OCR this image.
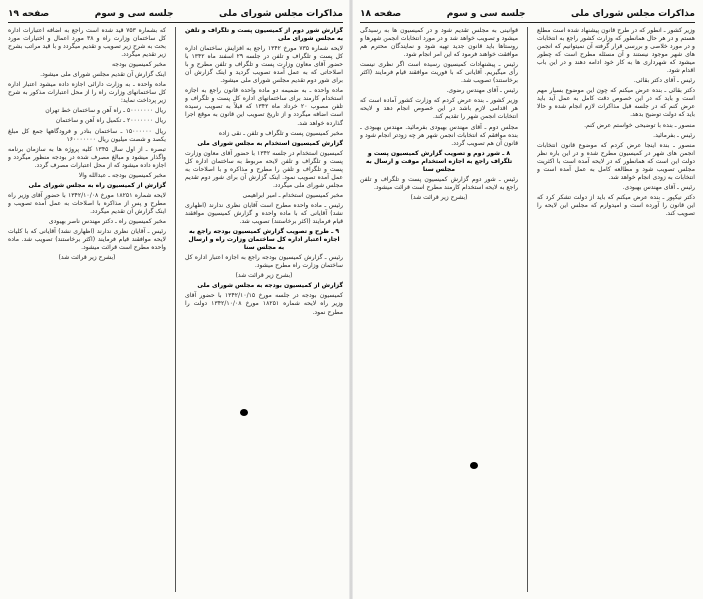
مذاکرات مجلس شورای ملی
جلسه سی و سوم
صفحه ۱۹

گزارش شور دوم از کمیسیون پست و تلگراف و تلفن به مجلس شورای ملی

لایحه شماره ۷۳۵ مورخ ۱۳۴۲ راجع به افزایش ساختمان اداره کل پست و تلگراف و تلفن در جلسه ۲۹ اسفند ماه ۱۳۴۲ با حضور آقای معاون وزارت پست و تلگراف و تلفن مطرح و با اصلاحاتی که به عمل آمده تصویب گردید و اینک گزارش آن برای شور دوم تقدیم مجلس شورای ملی میشود.

ماده واحده ـ به ضمیمه دو ماده واحده قانون راجع به اجازه استخدام کارمند برای ساختمانهای اداره کل پست و تلگراف و تلفن مصوب ۲۰ خرداد ماه ۱۳۴۲ که قبلاً به تصویب رسیده است اضافه میگردد و از تاریخ تصویب این قانون به موقع اجرا گذارده خواهد شد.

مخبر کمیسیون پست و تلگراف و تلفن ـ نقی زاده

گزارش کمیسیون استخدام به مجلس شورای ملی

کمیسیون استخدام در جلسه ۱۳۴۲ با حضور آقای معاون وزارت پست و تلگراف و تلفن لایحه مربوط به ساختمان اداره کل پست و تلگراف و تلفن را مطرح و مذاکره و با اصلاحات به عمل آمده تصویب نمود. اینک گزارش آن برای شور دوم تقدیم مجلس شورای ملی میگردد.

مخبر کمیسیون استخدام ـ امیر ابراهیمی

رئیس ـ ماده واحده مطرح است آقایان نظری ندارند (اظهاری نشد) آقایانی که با ماده واحده و گزارش کمیسیون موافقند قیام فرمایند (اکثر برخاستند) تصویب شد.

۹ ـ طرح و تصویب گزارش کمیسیون بودجه راجع به اجازه اعتبار اداره کل ساختمان وزارت راه و ارسال به مجلس سنا

رئیس ـ گزارش کمیسیون بودجه راجع به اجازه اعتبار اداره کل ساختمان وزارت راه مطرح میشود.

(بشرح زیر قرائت شد)

گزارش از کمیسیون بودجه به مجلس شورای ملی

کمیسیون بودجه در جلسه مورخ ۱۳۴۲/۱۰/۱۵ با حضور آقای وزیر راه لایحه شماره ۱۸۲۵۱ مورخ ۱۳۴۲/۱۰/۰۸ دولت را مطرح نمود.

که بشماره ۷۵۳ قید شده است راجع به اضافه اعتبارات اداره کل ساختمان وزارت راه و ۳۸ مورد اعمال و اختیارات مورد بحث به شرح زیر تصویب و تقدیم میگردد و با قید مراتب بشرح زیر تقدیم میگردد.

مخبر کمیسیون بودجه

اینک گزارش آن تقدیم مجلس شورای ملی میشود.

ماده واحده ـ به وزارت دارائی اجازه داده میشود اعتبار اداره کل ساختمانهای وزارت راه را از محل اعتبارات مذکور به شرح زیر پرداخت نماید:

ریال ۵۰۰۰۰۰۰۰ ـ راه آهن و ساختمان خط تهران

ریال ۲۰۰۰۰۰۰۰ ـ تکمیل راه آهن و ساختمان

ریال ۱۵۰۰۰۰۰۰ ـ ساختمان بنادر و فرودگاهها جمع کل مبلغ یکصد و شصت میلیون ریال ۱۶۰۰۰۰۰۰۰

تبصره ـ از اول سال ۱۳۴۵ کلیه پروژه ها به سازمان برنامه واگذار میشود و مبالغ مصرف شده در بودجه منظور میگردد و اجازه داده میشود که از محل اعتبارات مصرف گردد.

مخبر کمیسیون بودجه ـ عبدالله والا

گزارش از کمیسیون راه به مجلس شورای ملی

لایحه شماره ۱۸۲۵۱ مورخ ۱۳۴۲/۱۰/۰۸ با حضور آقای وزیر راه مطرح و پس از مذاکره با اصلاحات به عمل آمده تصویب و اینک گزارش آن تقدیم میگردد.

مخبر کمیسیون راه ـ دکتر مهندس ناصر بهبودی

رئیس ـ آقایان نظری ندارند (اظهاری نشد) آقایانی که با کلیات لایحه موافقند قیام فرمایند (اکثر برخاستند) تصویب شد. ماده واحده مطرح است قرائت میشود.

(بشرح زیر قرائت شد)

مذاکرات مجلس شورای ملی
جلسه سی و سوم
صفحه ۱۸

وزیر کشور ـ آنطور که در طرح قانون پیشنهاد شده است مطلع هستم و در هر حال همانطور که وزارت کشور راجع به انتخابات و در مورد خلاصی و بررسی قرار گرفته آن نمیتوانیم که انجمن های شهر موجود نیستند و آن مسئله مطرح است که چطور میشود که شهرداری ها به کار خود ادامه دهند و در این باب اقدام شود.

رئیس ـ آقای دکتر بقائی.

دکتر بقائی ـ بنده عرض میکنم که چون این موضوع بسیار مهم است و باید که در این خصوص دقت کامل به عمل آید باید عرض کنم که در جلسه قبل مذاکرات لازم انجام شده و حالا باید که دولت توضیح بدهد.

منصور ـ بنده با توضیحی خواستم عرض کنم.

رئیس ـ بفرمائید.

منصور ـ بنده اینجا عرض کردم که موضوع قانون انتخابات انجمن های شهر در کمیسیون مطرح شده و در این باره نظر دولت این است که همانطور که در لایحه آمده است با اکثریت مجلس تصویب شود و مطالعه کامل به عمل آمده است و انتخابات به زودی انجام خواهد شد.

رئیس ـ آقای مهندس بهبودی.

دکتر نیکپور ـ بنده عرض میکنم که باید از دولت تشکر کرد که این قانون را آورده است و امیدوارم که مجلس این لایحه را تصویب کند.

قوانینی به مجلس تقدیم شود و در کمیسیون ها به رسیدگی میشود و تصویب خواهد شد و در مورد انتخابات انجمن شهرها و روستاها باید قانون جدید تهیه شود و نمایندگان محترم هم موافقت خواهند فرمود که این امر انجام شود.

رئیس ـ پیشنهادات کمیسیون رسیده است اگر نظری نیست رأی میگیریم. آقایانی که با فوریت موافقند قیام فرمایند (اکثر برخاستند) تصویب شد.

رئیس ـ آقای مهندس رضوی.

وزیر کشور ـ بنده عرض کردم که وزارت کشور آماده است که هر اقدامی لازم باشد در این خصوص انجام دهد و لایحه انتخابات انجمن شهر را تقدیم کند.

مجلس دوم ـ آقای مهندس بهبودی بفرمائید. مهندس بهبودی ـ بنده موافقم که انتخابات انجمن شهر هر چه زودتر انجام شود و قانون آن هم تصویب گردد.

۸ ـ شور دوم و تصویب گزارش کمیسیون پست و تلگراف راجع به اجازه استخدام موقت و ارسال به مجلس سنا

رئیس ـ شور دوم گزارش کمیسیون پست و تلگراف و تلفن راجع به لایحه استخدام کارمند مطرح است قرائت میشود.

(بشرح زیر قرائت شد)
